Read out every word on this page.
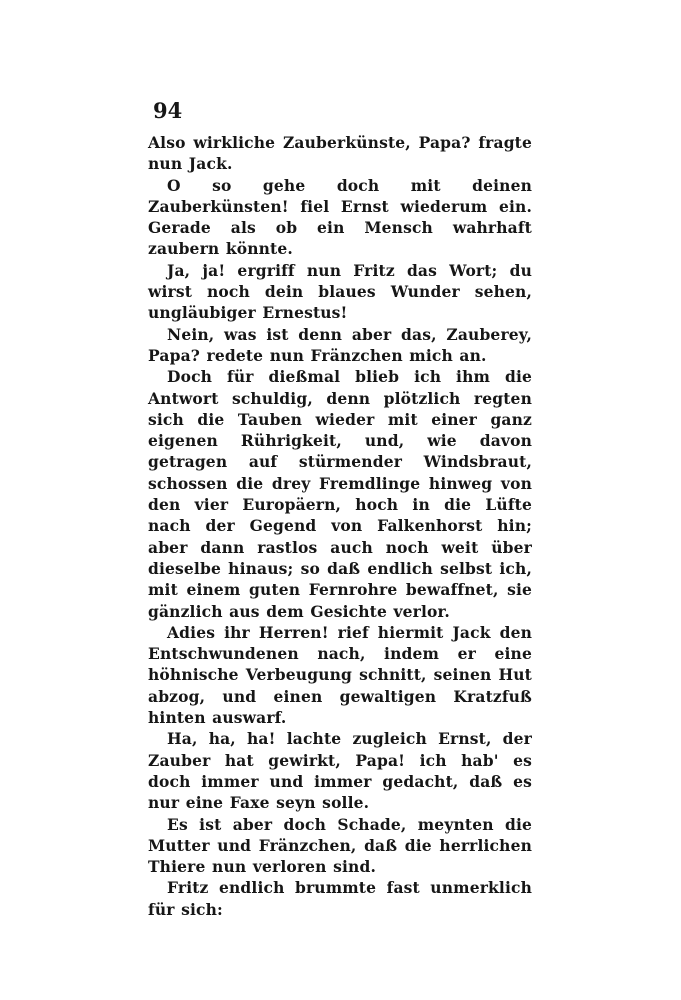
94

Also wirkliche Zauberkünste, Papa? fragte nun Jack.

O so gehe doch mit deinen Zauberkünsten! fiel Ernst wiederum ein. Gerade als ob ein Mensch wahrhaft zaubern könnte.

Ja, ja! ergriff nun Fritz das Wort; du wirst noch dein blaues Wunder sehen, ungläubiger Ernestus!

Nein, was ist denn aber das, Zauberey, Papa? redete nun Fränzchen mich an.

Doch für dießmal blieb ich ihm die Antwort schuldig, denn plötzlich regten sich die Tauben wieder mit einer ganz eigenen Rührigkeit, und, wie davon getragen auf stürmender Windsbraut, schossen die drey Fremdlinge hinweg von den vier Europäern, hoch in die Lüfte nach der Gegend von Falkenhorst hin; aber dann rastlos auch noch weit über dieselbe hinaus; so daß endlich selbst ich, mit einem guten Fernrohre bewaffnet, sie gänzlich aus dem Gesichte verlor.

Adies ihr Herren! rief hiermit Jack den Entschwundenen nach, indem er eine höhnische Verbeugung schnitt, seinen Hut abzog, und einen gewaltigen Kratzfuß hinten auswarf.

Ha, ha, ha! lachte zugleich Ernst, der Zauber hat gewirkt, Papa! ich hab' es doch immer und immer gedacht, daß es nur eine Faxe seyn solle.

Es ist aber doch Schade, meynten die Mutter und Fränzchen, daß die herrlichen Thiere nun verloren sind.

Fritz endlich brummte fast unmerklich für sich:
